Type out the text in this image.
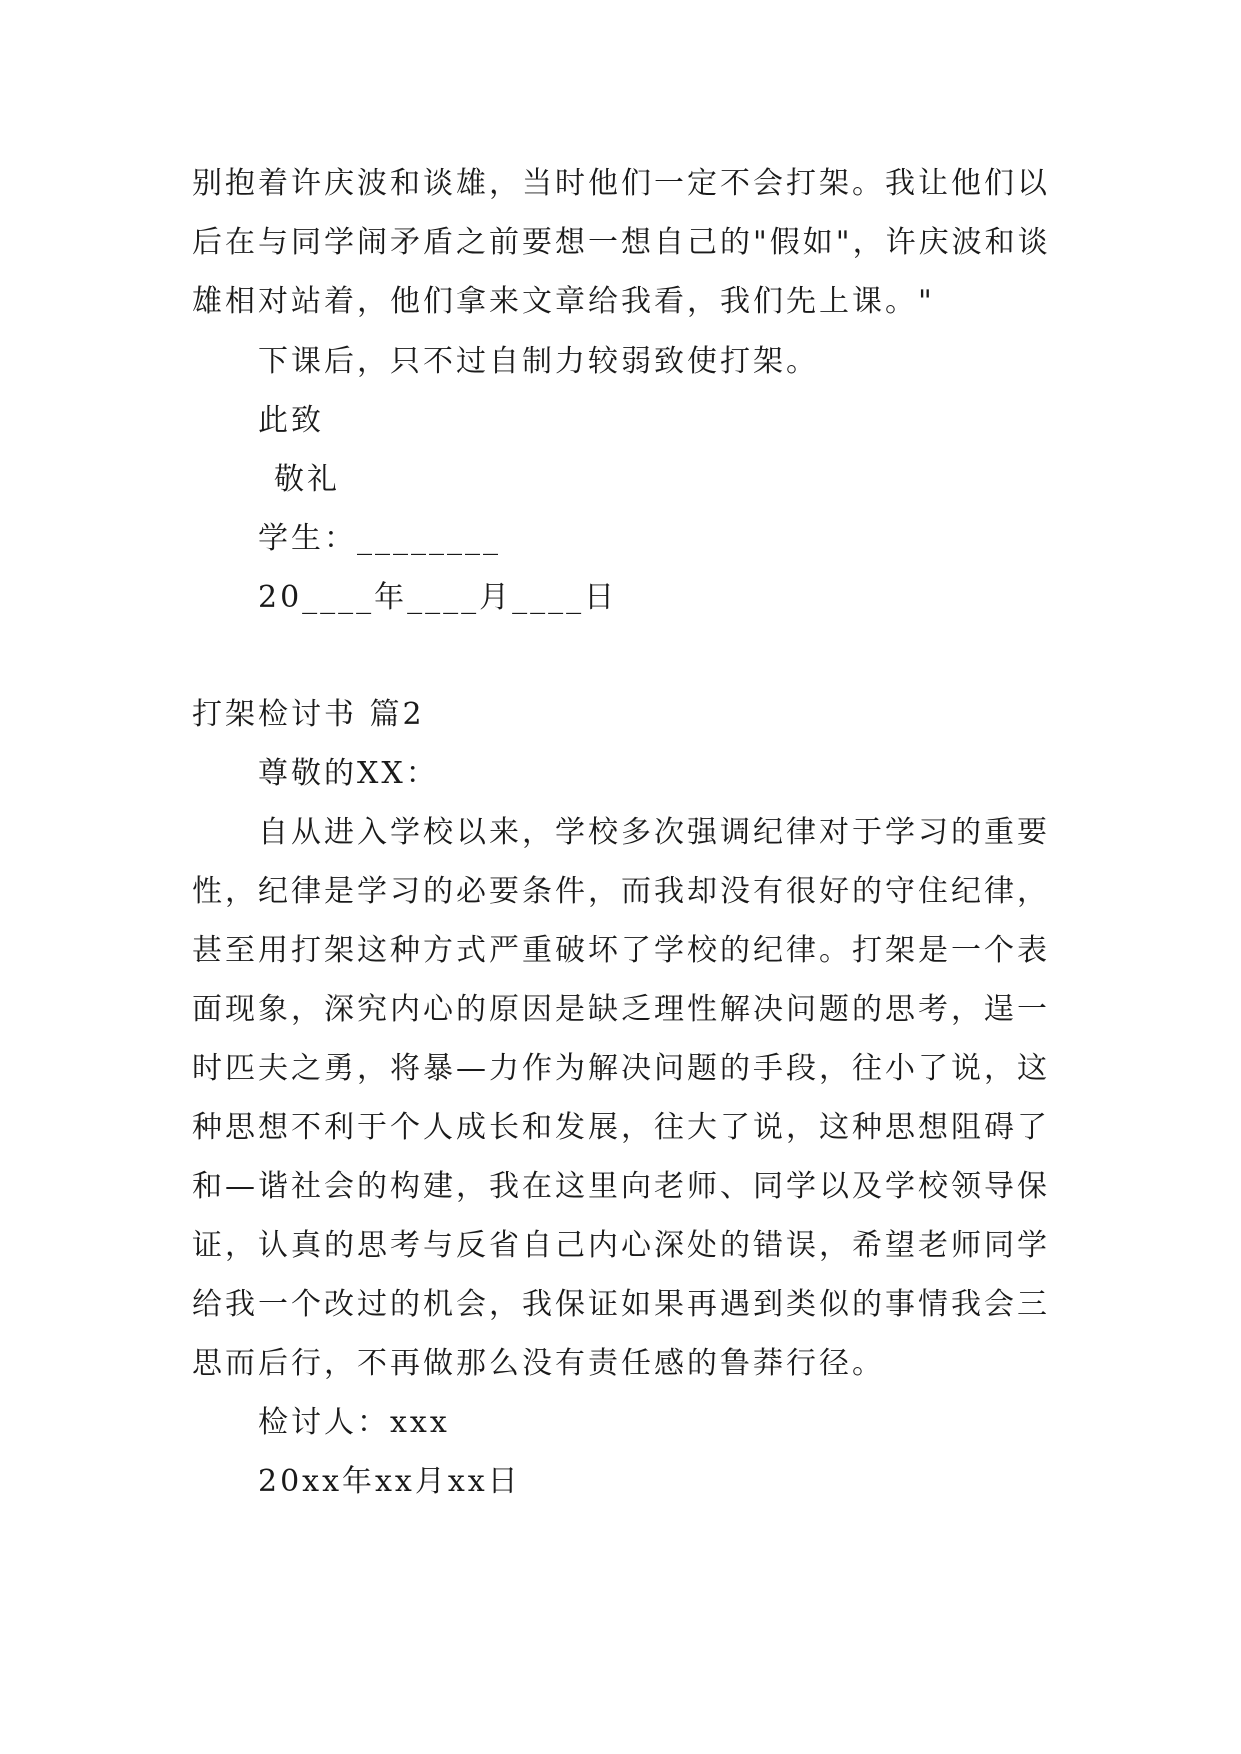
别抱着许庆波和谈雄，当时他们一定不会打架。我让他们以
后在与同学闹矛盾之前要想一想自己的"假如"，许庆波和谈
雄相对站着，他们拿来文章给我看，我们先上课。"
下课后，只不过自制力较弱致使打架。
此致
敬礼
学生：________
20____年____月____日
打架检讨书 篇2
尊敬的XX：
自从进入学校以来，学校多次强调纪律对于学习的重要
性，纪律是学习的必要条件，而我却没有很好的守住纪律，
甚至用打架这种方式严重破坏了学校的纪律。打架是一个表
面现象，深究内心的原因是缺乏理性解决问题的思考，逞一
时匹夫之勇，将暴—力作为解决问题的手段，往小了说，这
种思想不利于个人成长和发展，往大了说，这种思想阻碍了
和—谐社会的构建，我在这里向老师、同学以及学校领导保
证，认真的思考与反省自己内心深处的错误，希望老师同学
给我一个改过的机会，我保证如果再遇到类似的事情我会三
思而后行，不再做那么没有责任感的鲁莽行径。
检讨人：xxx
20xx年xx月xx日
